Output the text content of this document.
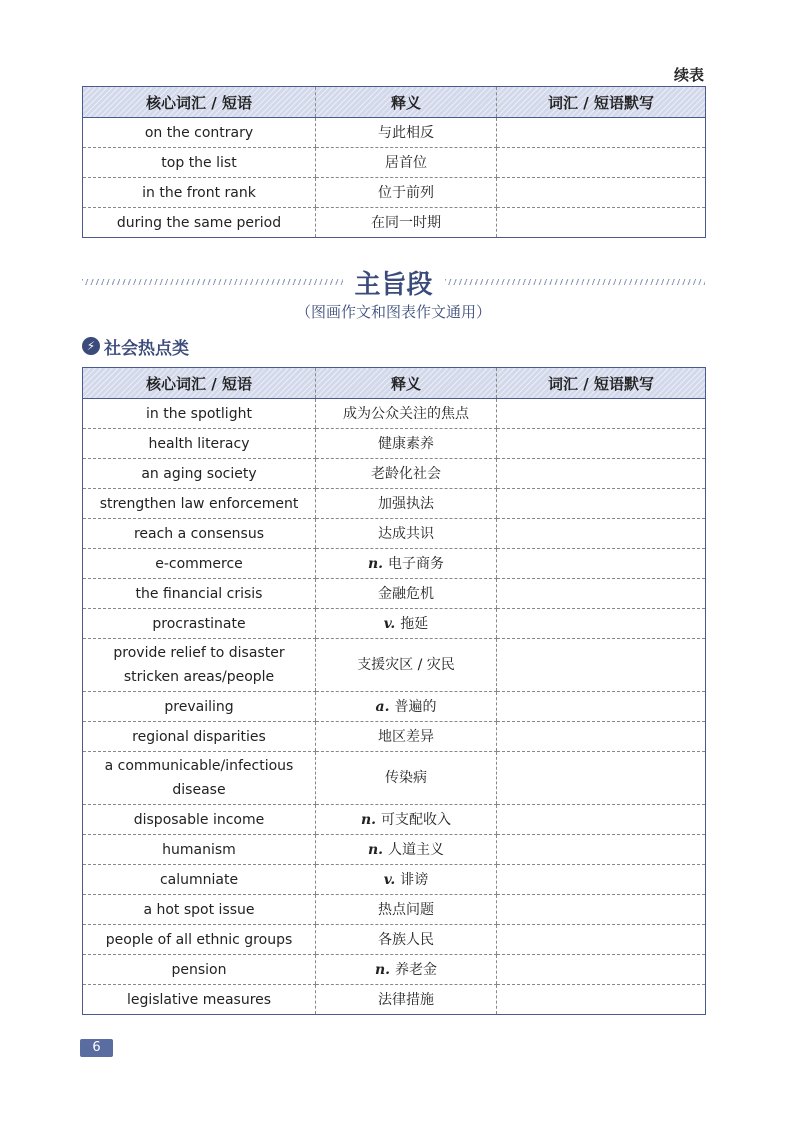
续表
核心词汇 / 短语	释义	词汇 / 短语默写
on the contrary	与此相反	
top the list	居首位	
in the front rank	位于前列	
during the same period	在同一时期	
主旨段
（图画作文和图表作文通用）
⚡ 社会热点类
核心词汇 / 短语	释义	词汇 / 短语默写
in the spotlight	成为公众关注的焦点	
health literacy	健康素养	
an aging society	老龄化社会	
strengthen law enforcement	加强执法	
reach a consensus	达成共识	
e-commerce	n. 电子商务	
the financial crisis	金融危机	
procrastinate	v. 拖延	
provide relief to disaster stricken areas/people	支援灾区 / 灾民	
prevailing	a. 普遍的	
regional disparities	地区差异	
a communicable/infectious disease	传染病	
disposable income	n. 可支配收入	
humanism	n. 人道主义	
calumniate	v. 诽谤	
a hot spot issue	热点问题	
people of all ethnic groups	各族人民	
pension	n. 养老金	
legislative measures	法律措施	
6
